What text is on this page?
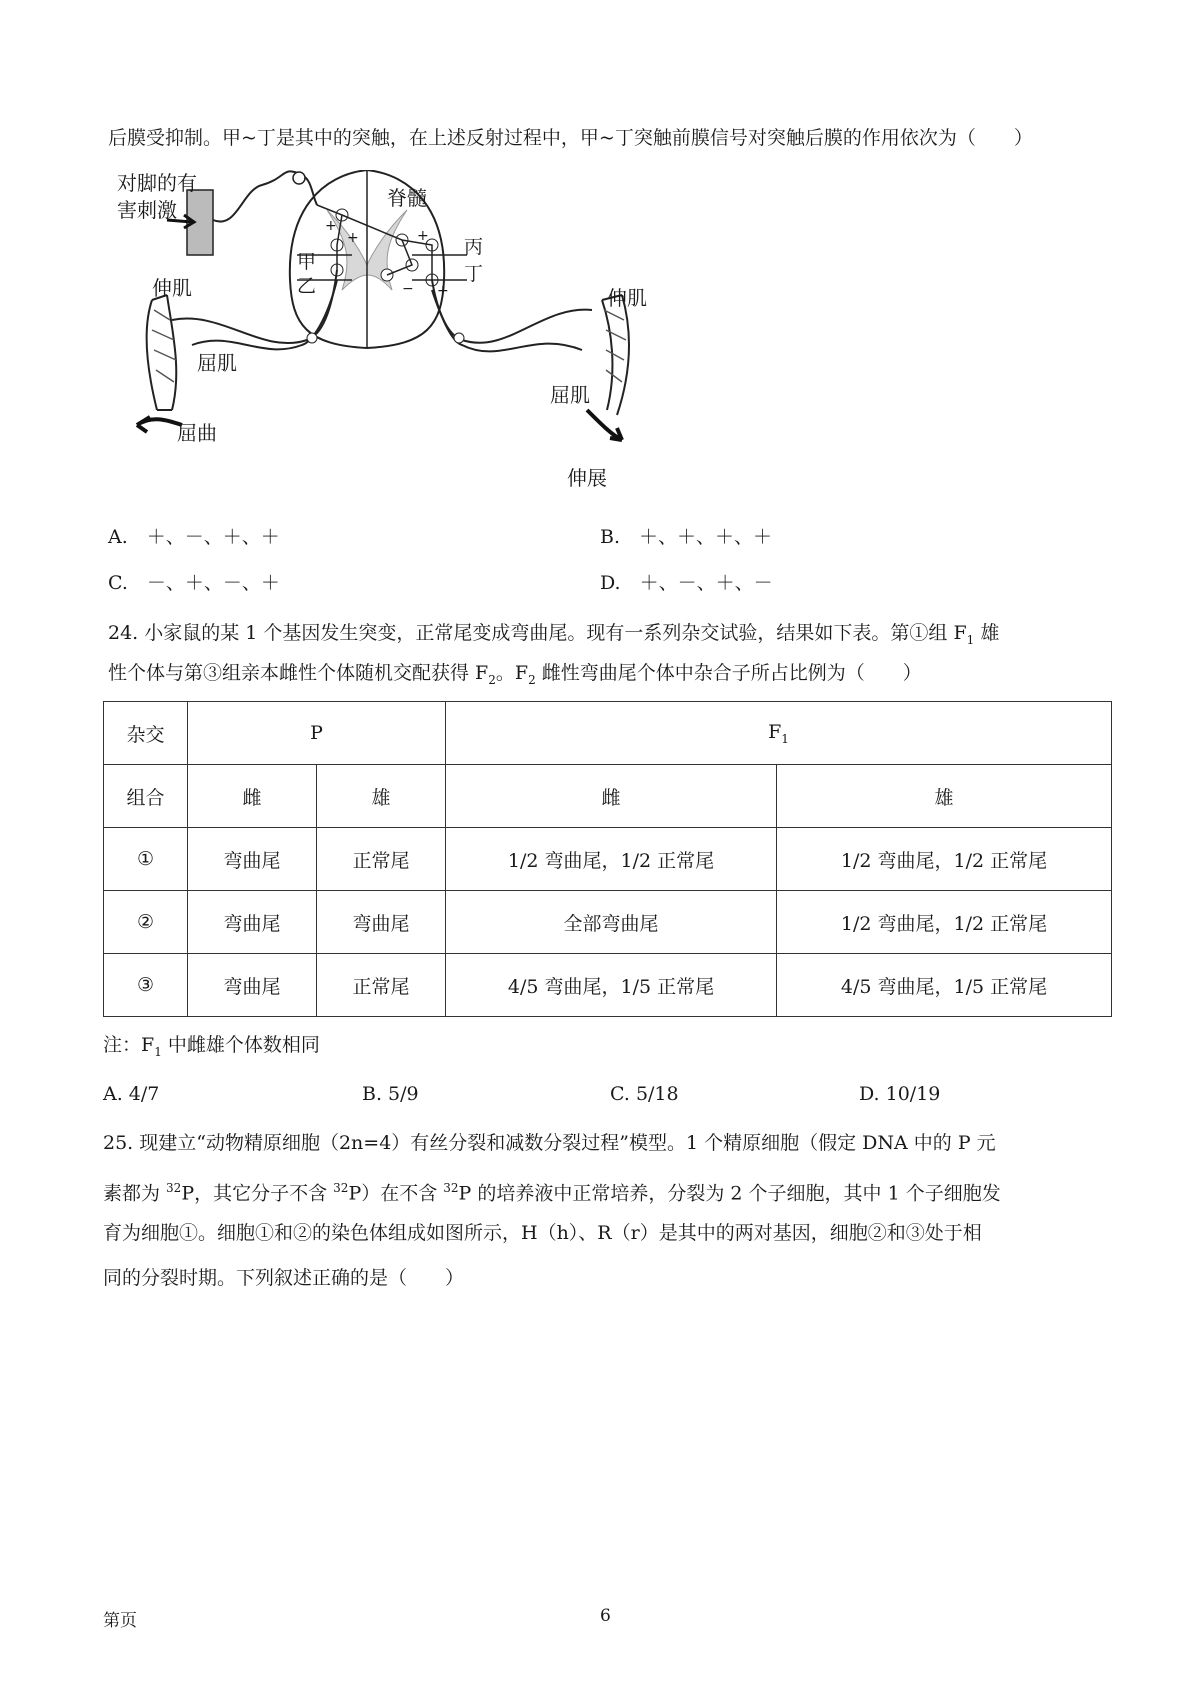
后膜受抑制。甲~丁是其中的突触，在上述反射过程中，甲~丁突触前膜信号对突触后膜的作用依次为（　　）
+
+	+
+
−
对脚的有
害刺激	脊髓
甲
乙
丙
丁
伸肌
屈肌
屈曲
伸肌
屈肌
伸展
A.　＋、－、＋、＋	B.　＋、＋、＋、＋
C.　－、＋、－、＋	D.　＋、－、＋、－
24. 小家鼠的某 1 个基因发生突变，正常尾变成弯曲尾。现有一系列杂交试验，结果如下表。第①组 $F_1$ 雄
性个体与第③组亲本雌性个体随机交配获得 $F_2$。$F_2$ 雌性弯曲尾个体中杂合子所占比例为（　　）
杂交	P		$F_1$
组合	雌	雄	雌	雄
①	弯曲尾	正常尾	1/2 弯曲尾，1/2 正常尾	1/2 弯曲尾，1/2 正常尾
②	弯曲尾	弯曲尾	全部弯曲尾	1/2 弯曲尾，1/2 正常尾
③	弯曲尾	正常尾	4/5 弯曲尾，1/5 正常尾	4/5 弯曲尾，1/5 正常尾
注：$F_1$ 中雌雄个体数相同
A. 4/7	B. 5/9	C. 5/18	D. 10/19
25. 现建立“动物精原细胞（2n=4）有丝分裂和减数分裂过程”模型。1 个精原细胞（假定 DNA 中的 P 元
素都为 $^{32}$P，其它分子不含 $^{32}$P）在不含 $^{32}$P 的培养液中正常培养，分裂为 2 个子细胞，其中 1 个子细胞发
育为细胞①。细胞①和②的染色体组成如图所示，H（h）、R（r）是其中的两对基因，细胞②和③处于相
同的分裂时期。下列叙述正确的是（　　）
第页	6
